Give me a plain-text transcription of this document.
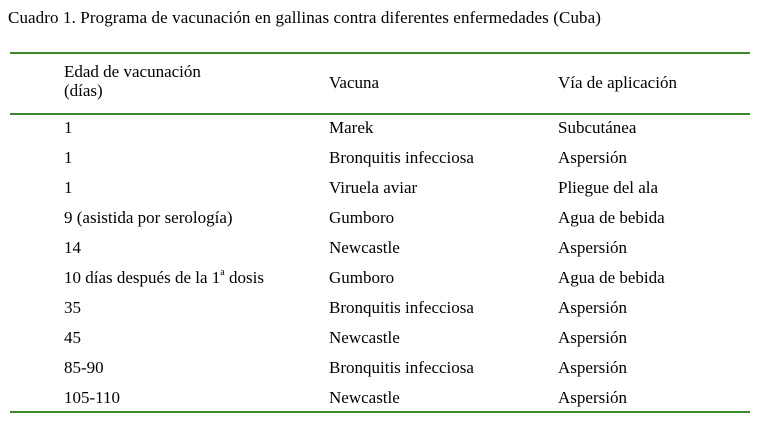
Cuadro 1. Programa de vacunación en gallinas contra diferentes enfermedades (Cuba)
Edad de vacunación
(días)	Vacuna	Vía de aplicación
1	Marek	Subcutánea
1	Bronquitis infecciosa	Aspersión
1	Viruela aviar	Pliegue del ala
9 (asistida por serología)	Gumboro	Agua de bebida
14	Newcastle	Aspersión
10 días después de la 1$^a$ dosis	Gumboro	Agua de bebida
35	Bronquitis infecciosa	Aspersión
45	Newcastle	Aspersión
85-90	Bronquitis infecciosa	Aspersión
105-110	Newcastle	Aspersión
